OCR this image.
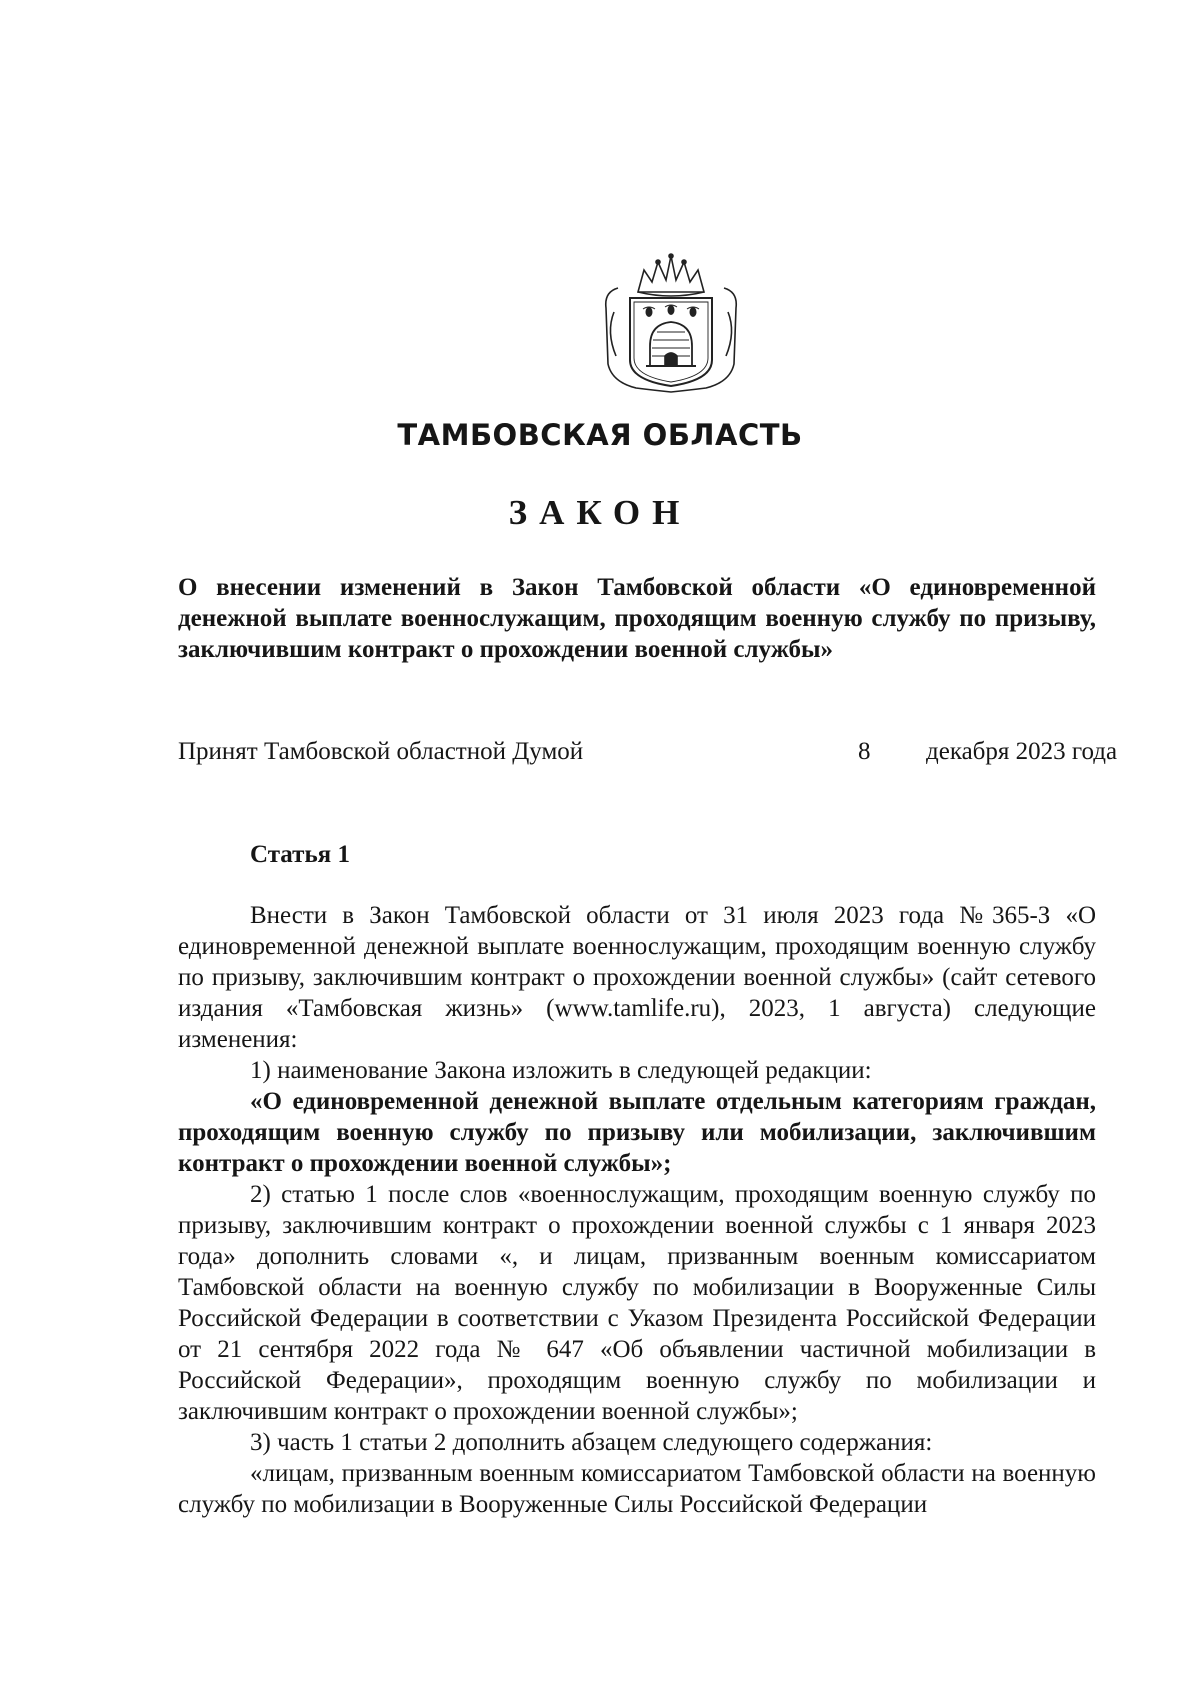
ТАМБОВСКАЯ ОБЛАСТЬ
ЗАКОН
О внесении изменений в Закон Тамбовской области «О единовременной денежной выплате военнослужащим, проходящим военную службу по призыву, заключившим контракт о прохождении военной службы»
Принят Тамбовской областной Думой	8 декабря 2023 года
Статья 1

Внести в Закон Тамбовской области от 31 июля 2023 года №365-З «О единовременной денежной выплате военнослужащим, проходящим военную службу по призыву, заключившим контракт о прохождении военной службы» (сайт сетевого издания «Тамбовская жизнь» (www.tamlife.ru), 2023, 1 августа) следующие изменения:

1) наименование Закона изложить в следующей редакции:

«О единовременной денежной выплате отдельным категориям граждан, проходящим военную службу по призыву или мобилизации, заключившим контракт о прохождении военной службы»;

2) статью 1 после слов «военнослужащим, проходящим военную службу по призыву, заключившим контракт о прохождении военной службы с 1 января 2023 года» дополнить словами «, и лицам, призванным военным комиссариатом Тамбовской области на военную службу по мобилизации в Вооруженные Силы Российской Федерации в соответствии с Указом Президента Российской Федерации от 21 сентября 2022 года № 647 «Об объявлении частичной мобилизации в Российской Федерации», проходящим военную службу по мобилизации и заключившим контракт о прохождении военной службы»;

3) часть 1 статьи 2 дополнить абзацем следующего содержания:

«лицам, призванным военным комиссариатом Тамбовской области на военную службу по мобилизации в Вооруженные Силы Российской Федерации
